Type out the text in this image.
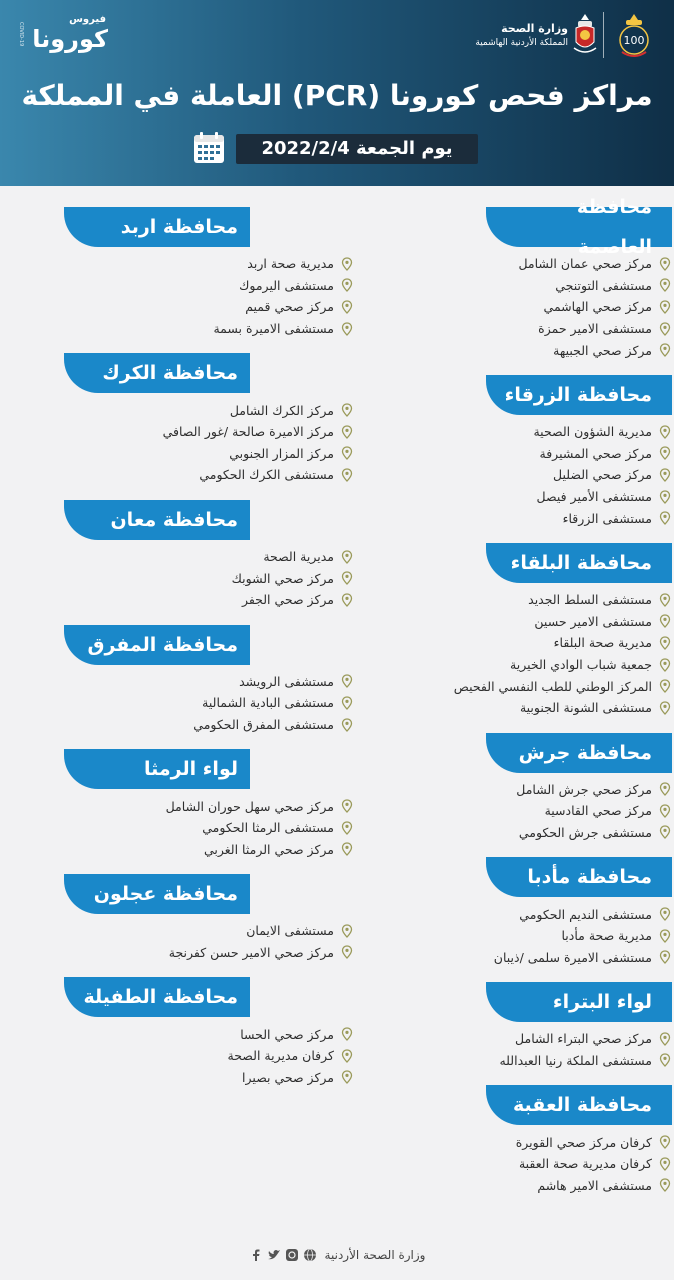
فيروس
كورونا
COVID-19	وزارة الصحة
المملكة الأردنية الهاشمية	100
مراكز فحص كورونا (PCR) العاملة في المملكة
يوم الجمعة 2022/2/4
محافظة العاصمة
مركز صحي عمان الشامل
مستشفى التوتنجي
مركز صحي الهاشمي
مستشفى الامير حمزة
مركز صحي الجبيهة
محافظة الزرقاء
مديرية الشؤون الصحية
مركز صحي المشيرفة
مركز صحي الضليل
مستشفى الأمير فيصل
مستشفى الزرقاء
محافظة البلقاء
مستشفى السلط الجديد
مستشفى الامير حسين
مديرية صحة البلقاء
جمعية شباب الوادي الخيرية
المركز الوطني للطب النفسي الفحيص
مستشفى الشونة الجنوبية
محافظة جرش
مركز صحي جرش الشامل
مركز صحي القادسية
مستشفى جرش الحكومي
محافظة مأدبا
مستشفى النديم الحكومي
مديرية صحة مأدبا
مستشفى الاميرة سلمى /ذيبان
لواء البتراء
مركز صحي البتراء الشامل
مستشفى الملكة رنيا العبدالله
محافظة العقبة
كرفان مركز صحي القويرة
كرفان مديرية صحة العقبة
مستشفى الامير هاشم
محافظة اربد
مديرية صحة اربد
مستشفى اليرموك
مركز صحي قميم
مستشفى الاميرة بسمة
محافظة الكرك
مركز الكرك الشامل
مركز الاميرة صالحة /غور الصافي
مركز المزار الجنوبي
مستشفى الكرك الحكومي
محافظة معان
مديرية الصحة
مركز صحي الشوبك
مركز صحي الجفر
محافظة المفرق
مستشفى الرويشد
مستشفى البادية الشمالية
مستشفى المفرق الحكومي
لواء الرمثا
مركز صحي سهل حوران الشامل
مستشفى الرمثا الحكومي
مركز صحي الرمثا الغربي
محافظة عجلون
مستشفى الايمان
مركز صحي الامير حسن كفرنجة
محافظة الطفيلة
مركز صحي الحسا
كرفان مديرية الصحة
مركز صحي بصيرا
وزارة الصحة الأردنية
